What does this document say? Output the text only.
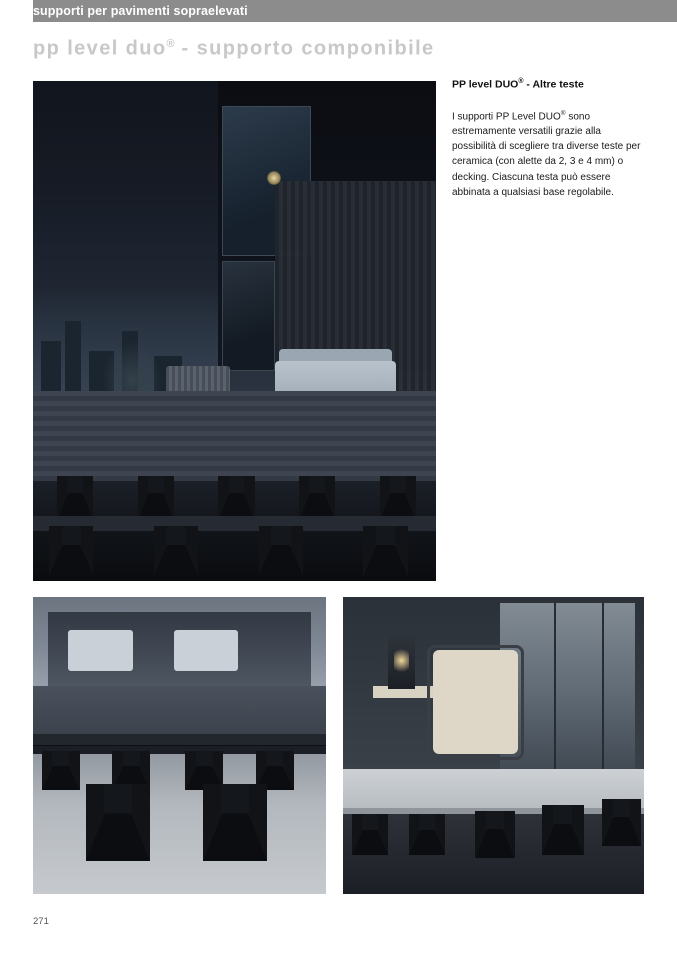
supporti per pavimenti sopraelevati
pp level duo® - supporto componibile
PP level DUO® - Altre teste

I supporti PP Level DUO® sono estremamente versatili grazie alla possibilità di scegliere tra diverse teste per ceramica (con alette da 2, 3 e 4 mm) o decking. Ciascuna testa può essere abbinata a qualsiasi base regolabile.

271
